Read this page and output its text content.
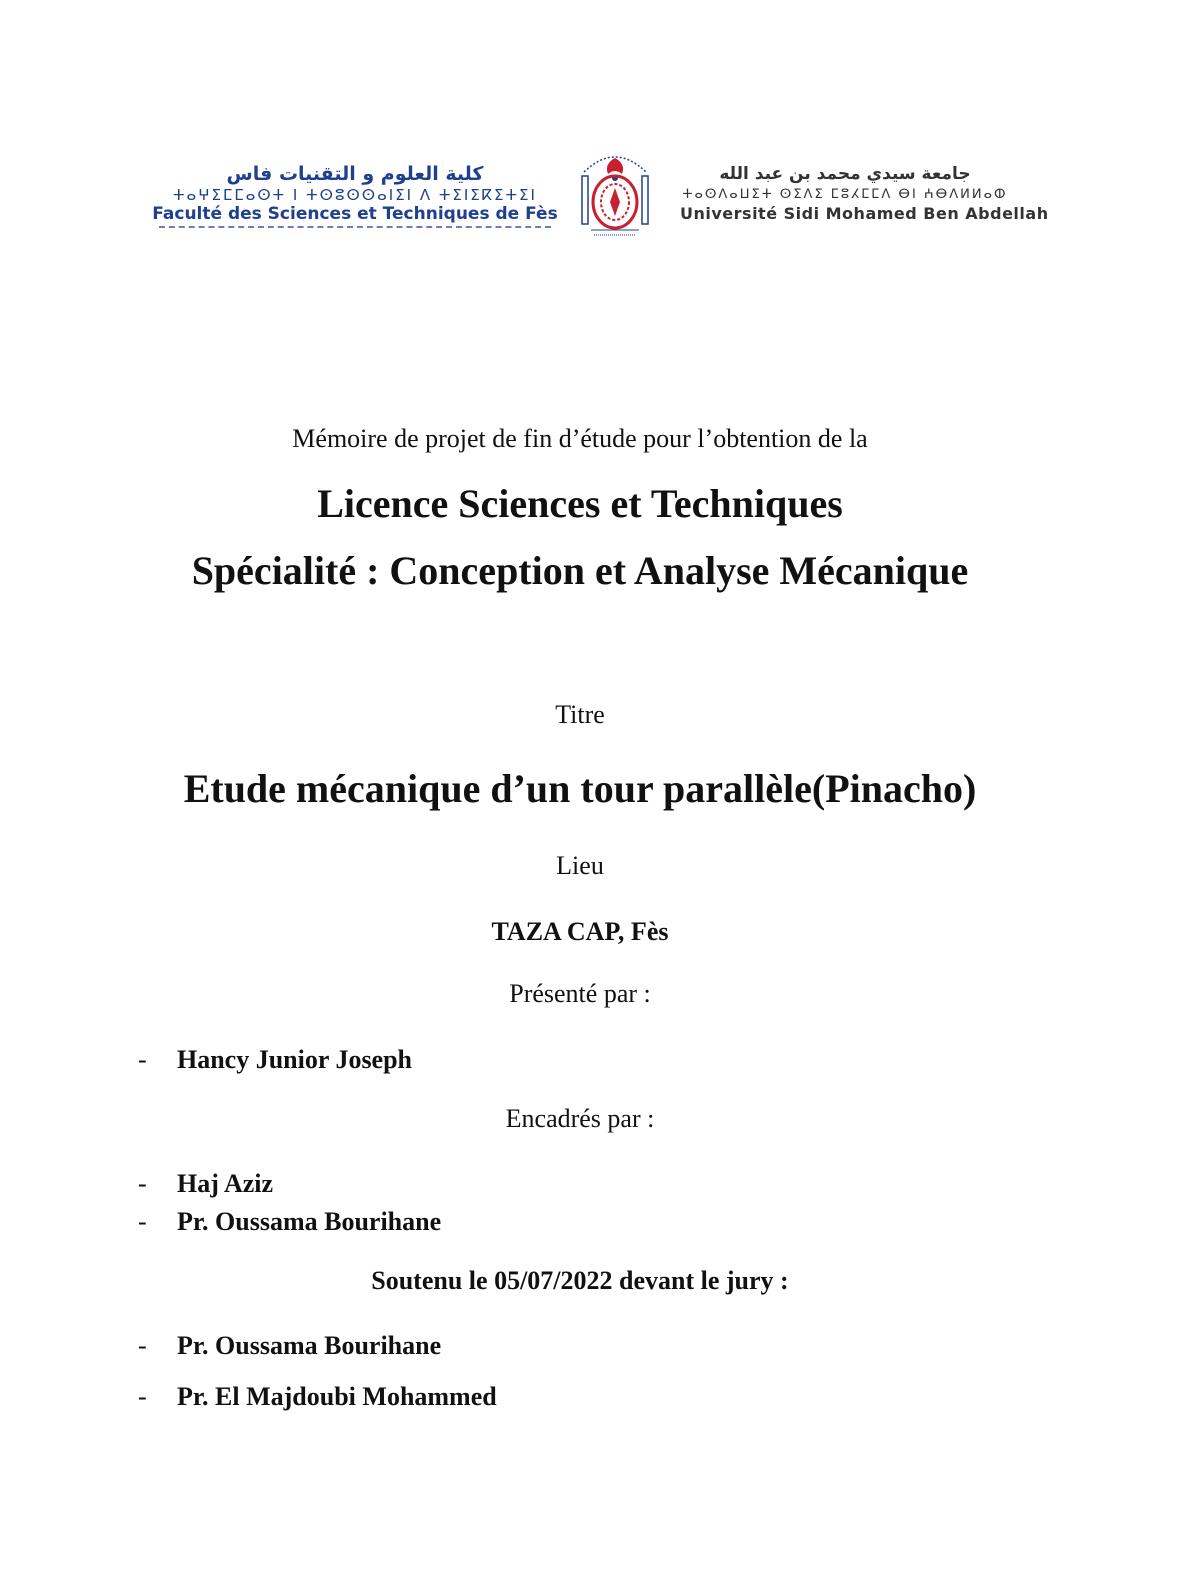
كلية العلوم و التقنيات فاس
ⵜⴰⵖⵉⵎⵎⴰⵙⵜ ⵏ ⵜⵙⵓⵙⵙⴰⵏⵉⵏ ⴷ ⵜⵉⵏⵉⴽⵉⵜⵉⵏ
Faculté des Sciences et Techniques de Fès
جامعة سيدي محمد بن عبد الله
ⵜⴰⵙⴷⴰⵡⵉⵜ ⵙⵉⴷⵉ ⵎⵓⵃⵎⵎⴷ ⴱⵏ ⵄⴱⴷⵍⵍⴰⵀ
Université Sidi Mohamed Ben Abdellah
Mémoire de projet de fin d’étude pour l’obtention de la
Licence Sciences et Techniques
Spécialité : Conception et Analyse Mécanique
Titre
Etude mécanique d’un tour parallèle(Pinacho)
Lieu
TAZA CAP, Fès
Présenté par :
- Hancy Junior Joseph
Encadrés par :
- Haj Aziz
- Pr. Oussama Bourihane
Soutenu le 05/07/2022 devant le jury :
- Pr. Oussama Bourihane
- Pr. El Majdoubi Mohammed
